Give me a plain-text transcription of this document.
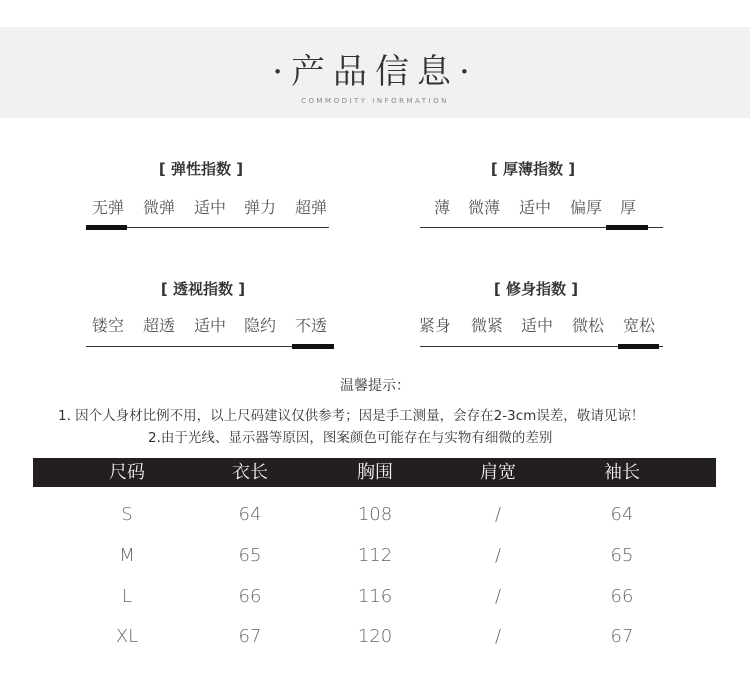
·产品信息·
COMMODITY INFORMATION
[ 弹性指数 ]
无弹	微弹	适中	弹力	超弹
[ 厚薄指数 ]
薄	微薄	适中	偏厚	厚
[ 透视指数 ]
镂空	超透	适中	隐约	不透
[ 修身指数 ]
紧身	微紧	适中	微松	宽松
温馨提示：
1. 因个人身材比例不用，以上尺码建议仅供参考；因是手工测量，会存在2-3cm误差，敬请见谅！
2.由于光线、显示器等原因，图案颜色可能存在与实物有细微的差别
尺码	衣长	胸围	肩宽	袖长
S	64	108	/	64
M	65	112	/	65
L	66	116	/	66
XL	67	120	/	67
